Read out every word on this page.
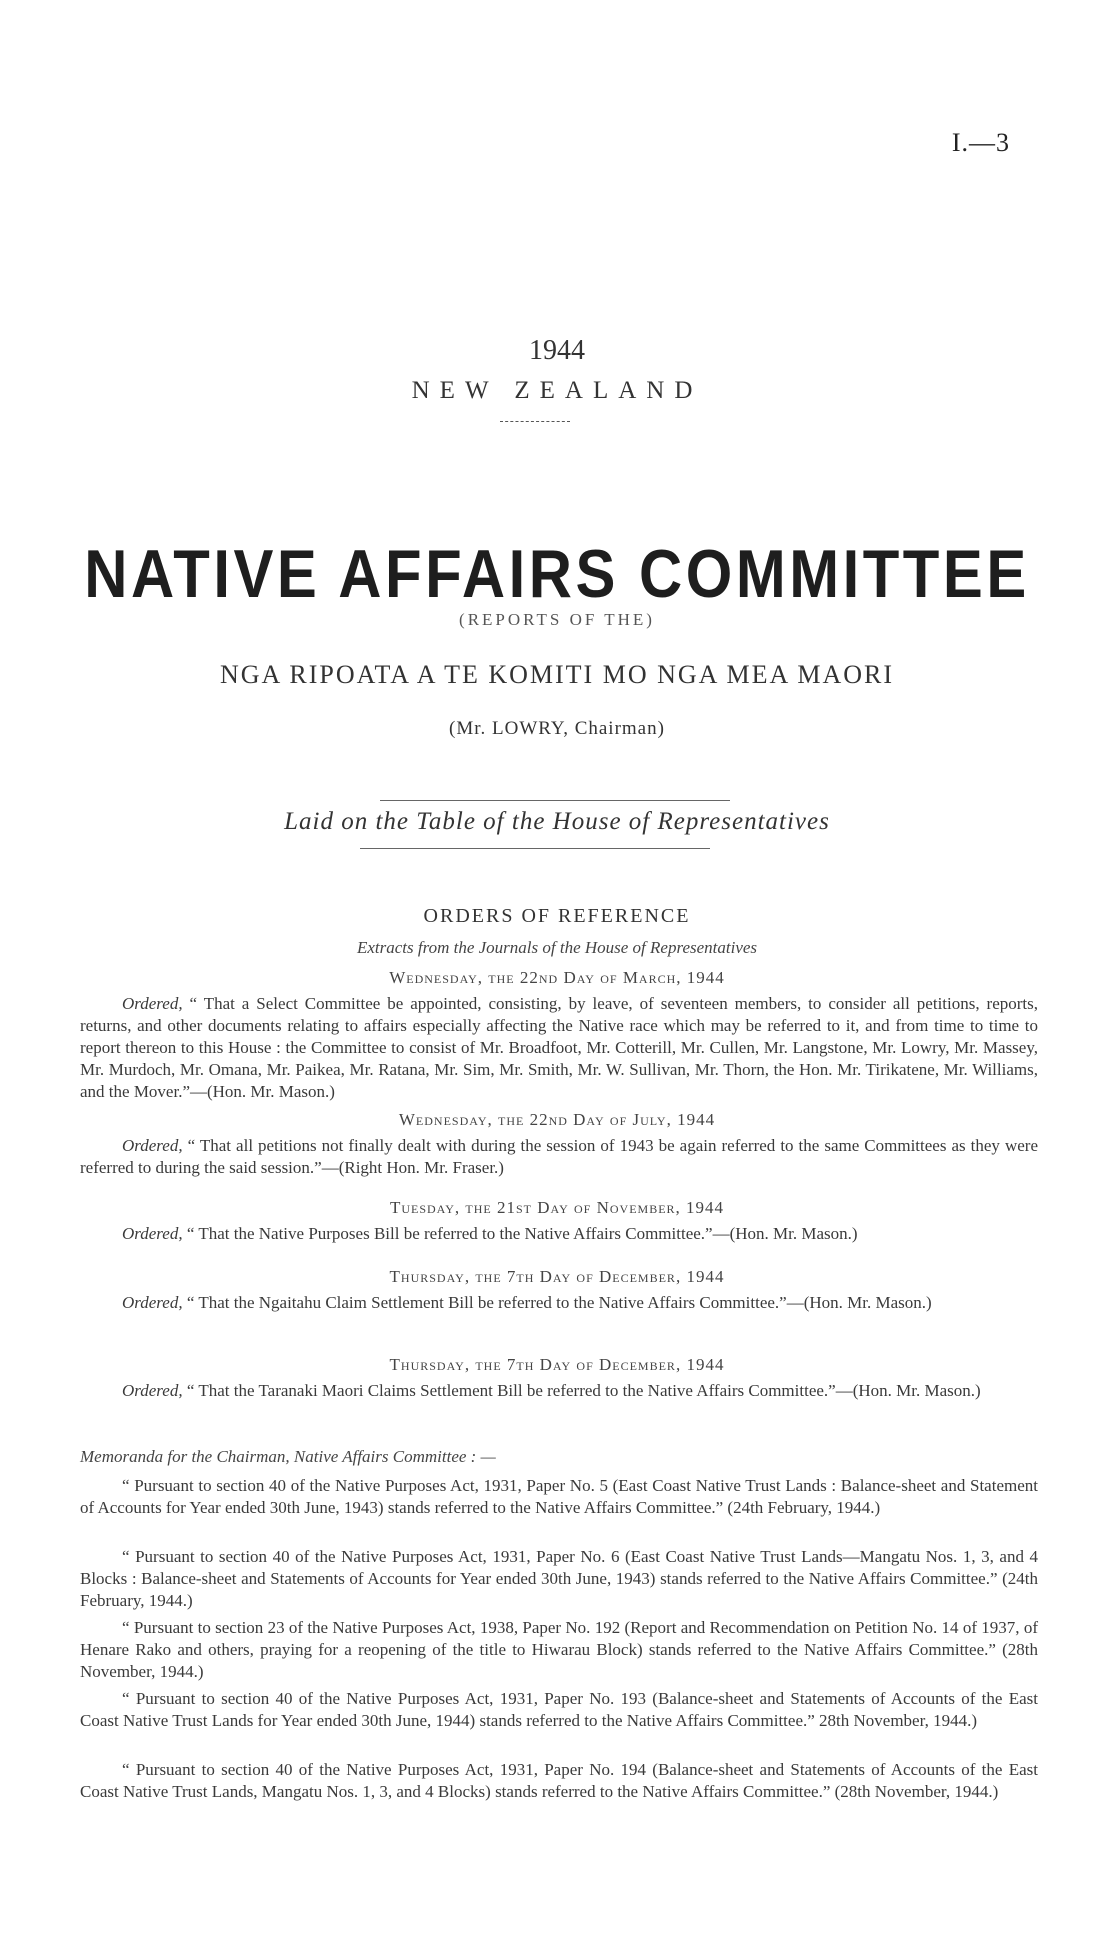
I.—3
1944
NEW ZEALAND
NATIVE AFFAIRS COMMITTEE
(REPORTS OF THE)
NGA RIPOATA A TE KOMITI MO NGA MEA MAORI
(Mr. LOWRY, Chairman)
Laid on the Table of the House of Representatives
ORDERS OF REFERENCE
Extracts from the Journals of the House of Representatives
Wednesday, the 22nd Day of March, 1944
Ordered, “ That a Select Committee be appointed, consisting, by leave, of seventeen members, to consider all petitions, reports, returns, and other documents relating to affairs especially affecting the Native race which may be referred to it, and from time to time to report thereon to this House : the Committee to consist of Mr. Broadfoot, Mr. Cotterill, Mr. Cullen, Mr. Langstone, Mr. Lowry, Mr. Massey, Mr. Murdoch, Mr. Omana, Mr. Paikea, Mr. Ratana, Mr. Sim, Mr. Smith, Mr. W. Sullivan, Mr. Thorn, the Hon. Mr. Tirikatene, Mr. Williams, and the Mover.”—(Hon. Mr. Mason.)
Wednesday, the 22nd Day of July, 1944
Ordered, “ That all petitions not finally dealt with during the session of 1943 be again referred to the same Committees as they were referred to during the said session.”—(Right Hon. Mr. Fraser.)
Tuesday, the 21st Day of November, 1944
Ordered, “ That the Native Purposes Bill be referred to the Native Affairs Committee.”—(Hon. Mr. Mason.)
Thursday, the 7th Day of December, 1944
Ordered, “ That the Ngaitahu Claim Settlement Bill be referred to the Native Affairs Committee.”—(Hon. Mr. Mason.)
Thursday, the 7th Day of December, 1944
Ordered, “ That the Taranaki Maori Claims Settlement Bill be referred to the Native Affairs Committee.”—(Hon. Mr. Mason.)
Memoranda for the Chairman, Native Affairs Committee : —
“ Pursuant to section 40 of the Native Purposes Act, 1931, Paper No. 5 (East Coast Native Trust Lands : Balance-sheet and Statement of Accounts for Year ended 30th June, 1943) stands referred to the Native Affairs Committee.” (24th February, 1944.)
“ Pursuant to section 40 of the Native Purposes Act, 1931, Paper No. 6 (East Coast Native Trust Lands—Mangatu Nos. 1, 3, and 4 Blocks : Balance-sheet and Statements of Accounts for Year ended 30th June, 1943) stands referred to the Native Affairs Committee.” (24th February, 1944.)
“ Pursuant to section 23 of the Native Purposes Act, 1938, Paper No. 192 (Report and Recommendation on Petition No. 14 of 1937, of Henare Rako and others, praying for a reopening of the title to Hiwarau Block) stands referred to the Native Affairs Committee.” (28th November, 1944.)
“ Pursuant to section 40 of the Native Purposes Act, 1931, Paper No. 193 (Balance-sheet and Statements of Accounts of the East Coast Native Trust Lands for Year ended 30th June, 1944) stands referred to the Native Affairs Committee.” 28th November, 1944.)
“ Pursuant to section 40 of the Native Purposes Act, 1931, Paper No. 194 (Balance-sheet and Statements of Accounts of the East Coast Native Trust Lands, Mangatu Nos. 1, 3, and 4 Blocks) stands referred to the Native Affairs Committee.” (28th November, 1944.)
